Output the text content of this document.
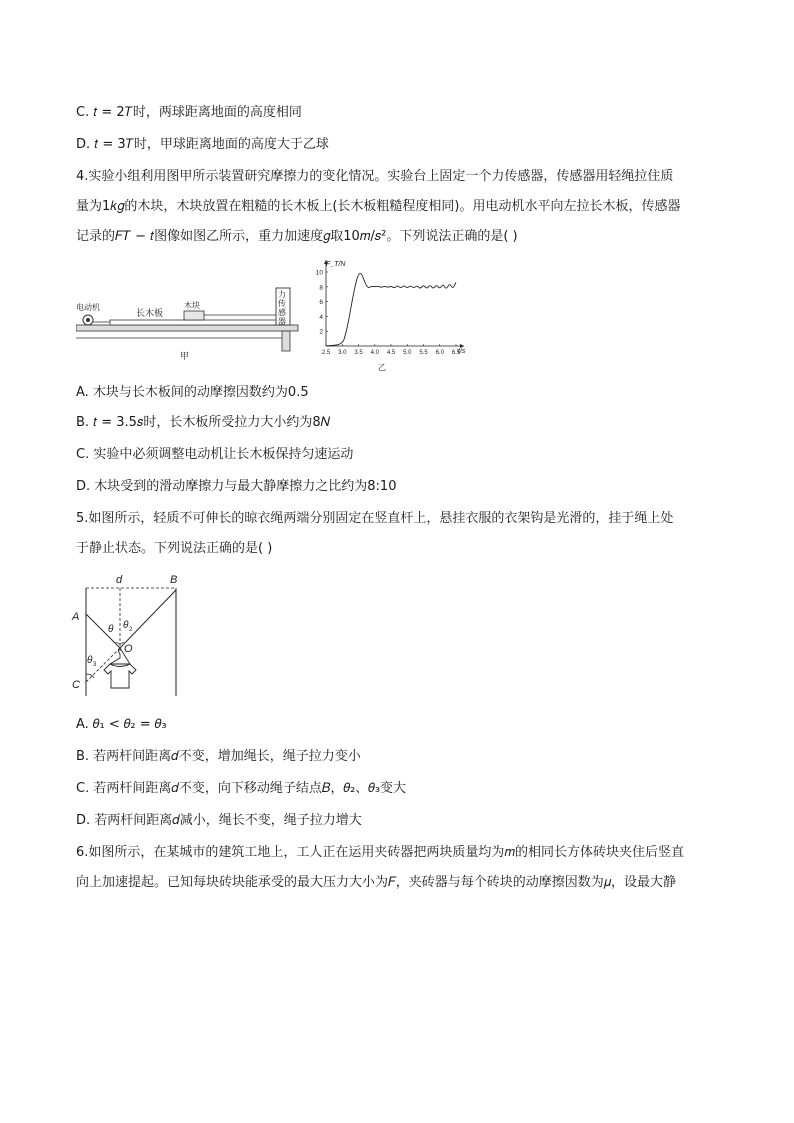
C. 𝑡 = 2𝑇时，两球距离地面的高度相同
D. 𝑡 = 3𝑇时，甲球距离地面的高度大于乙球
4.实验小组利用图甲所示装置研究摩擦力的变化情况。实验台上固定一个力传感器，传感器用轻绳拉住质
量为1𝑘𝑔的木块，木块放置在粗糙的长木板上(长木板粗糙程度相同)。用电动机水平向左拉长木板，传感器
记录的𝐹𝑇 − 𝑡图像如图乙所示，重力加速度𝑔取10𝑚/𝑠²。下列说法正确的是( )
电动机
长木板
木块
力
传
感
器
甲
2
4
6
8
10
2.5 3.0 3.5 4.0 4.5 5.0 5.5 6.0 6.5
F_T/N
t/s
乙
A. 木块与长木板间的动摩擦因数约为0.5
B. 𝑡 = 3.5𝑠时，长木板所受拉力大小约为8𝑁
C. 实验中必须调整电动机让长木板保持匀速运动
D. 木块受到的滑动摩擦力与最大静摩擦力之比约为8:10
5.如图所示，轻质不可伸长的晾衣绳两端分别固定在竖直杆上，悬挂衣服的衣架钩是光滑的，挂于绳上处
于静止状态。下列说法正确的是( )
d	B
A
O
θ θ 2
θ 3
C
A. 𝜃₁ < 𝜃₂ = 𝜃₃
B. 若两杆间距离𝑑不变，增加绳长，绳子拉力变小
C. 若两杆间距离𝑑不变，向下移动绳子结点𝐵，𝜃₂、𝜃₃变大
D. 若两杆间距离𝑑减小，绳长不变，绳子拉力增大
6.如图所示，在某城市的建筑工地上，工人正在运用夹砖器把两块质量均为𝑚的相同长方体砖块夹住后竖直
向上加速提起。已知每块砖块能承受的最大压力大小为𝐹，夹砖器与每个砖块的动摩擦因数为𝜇，设最大静
